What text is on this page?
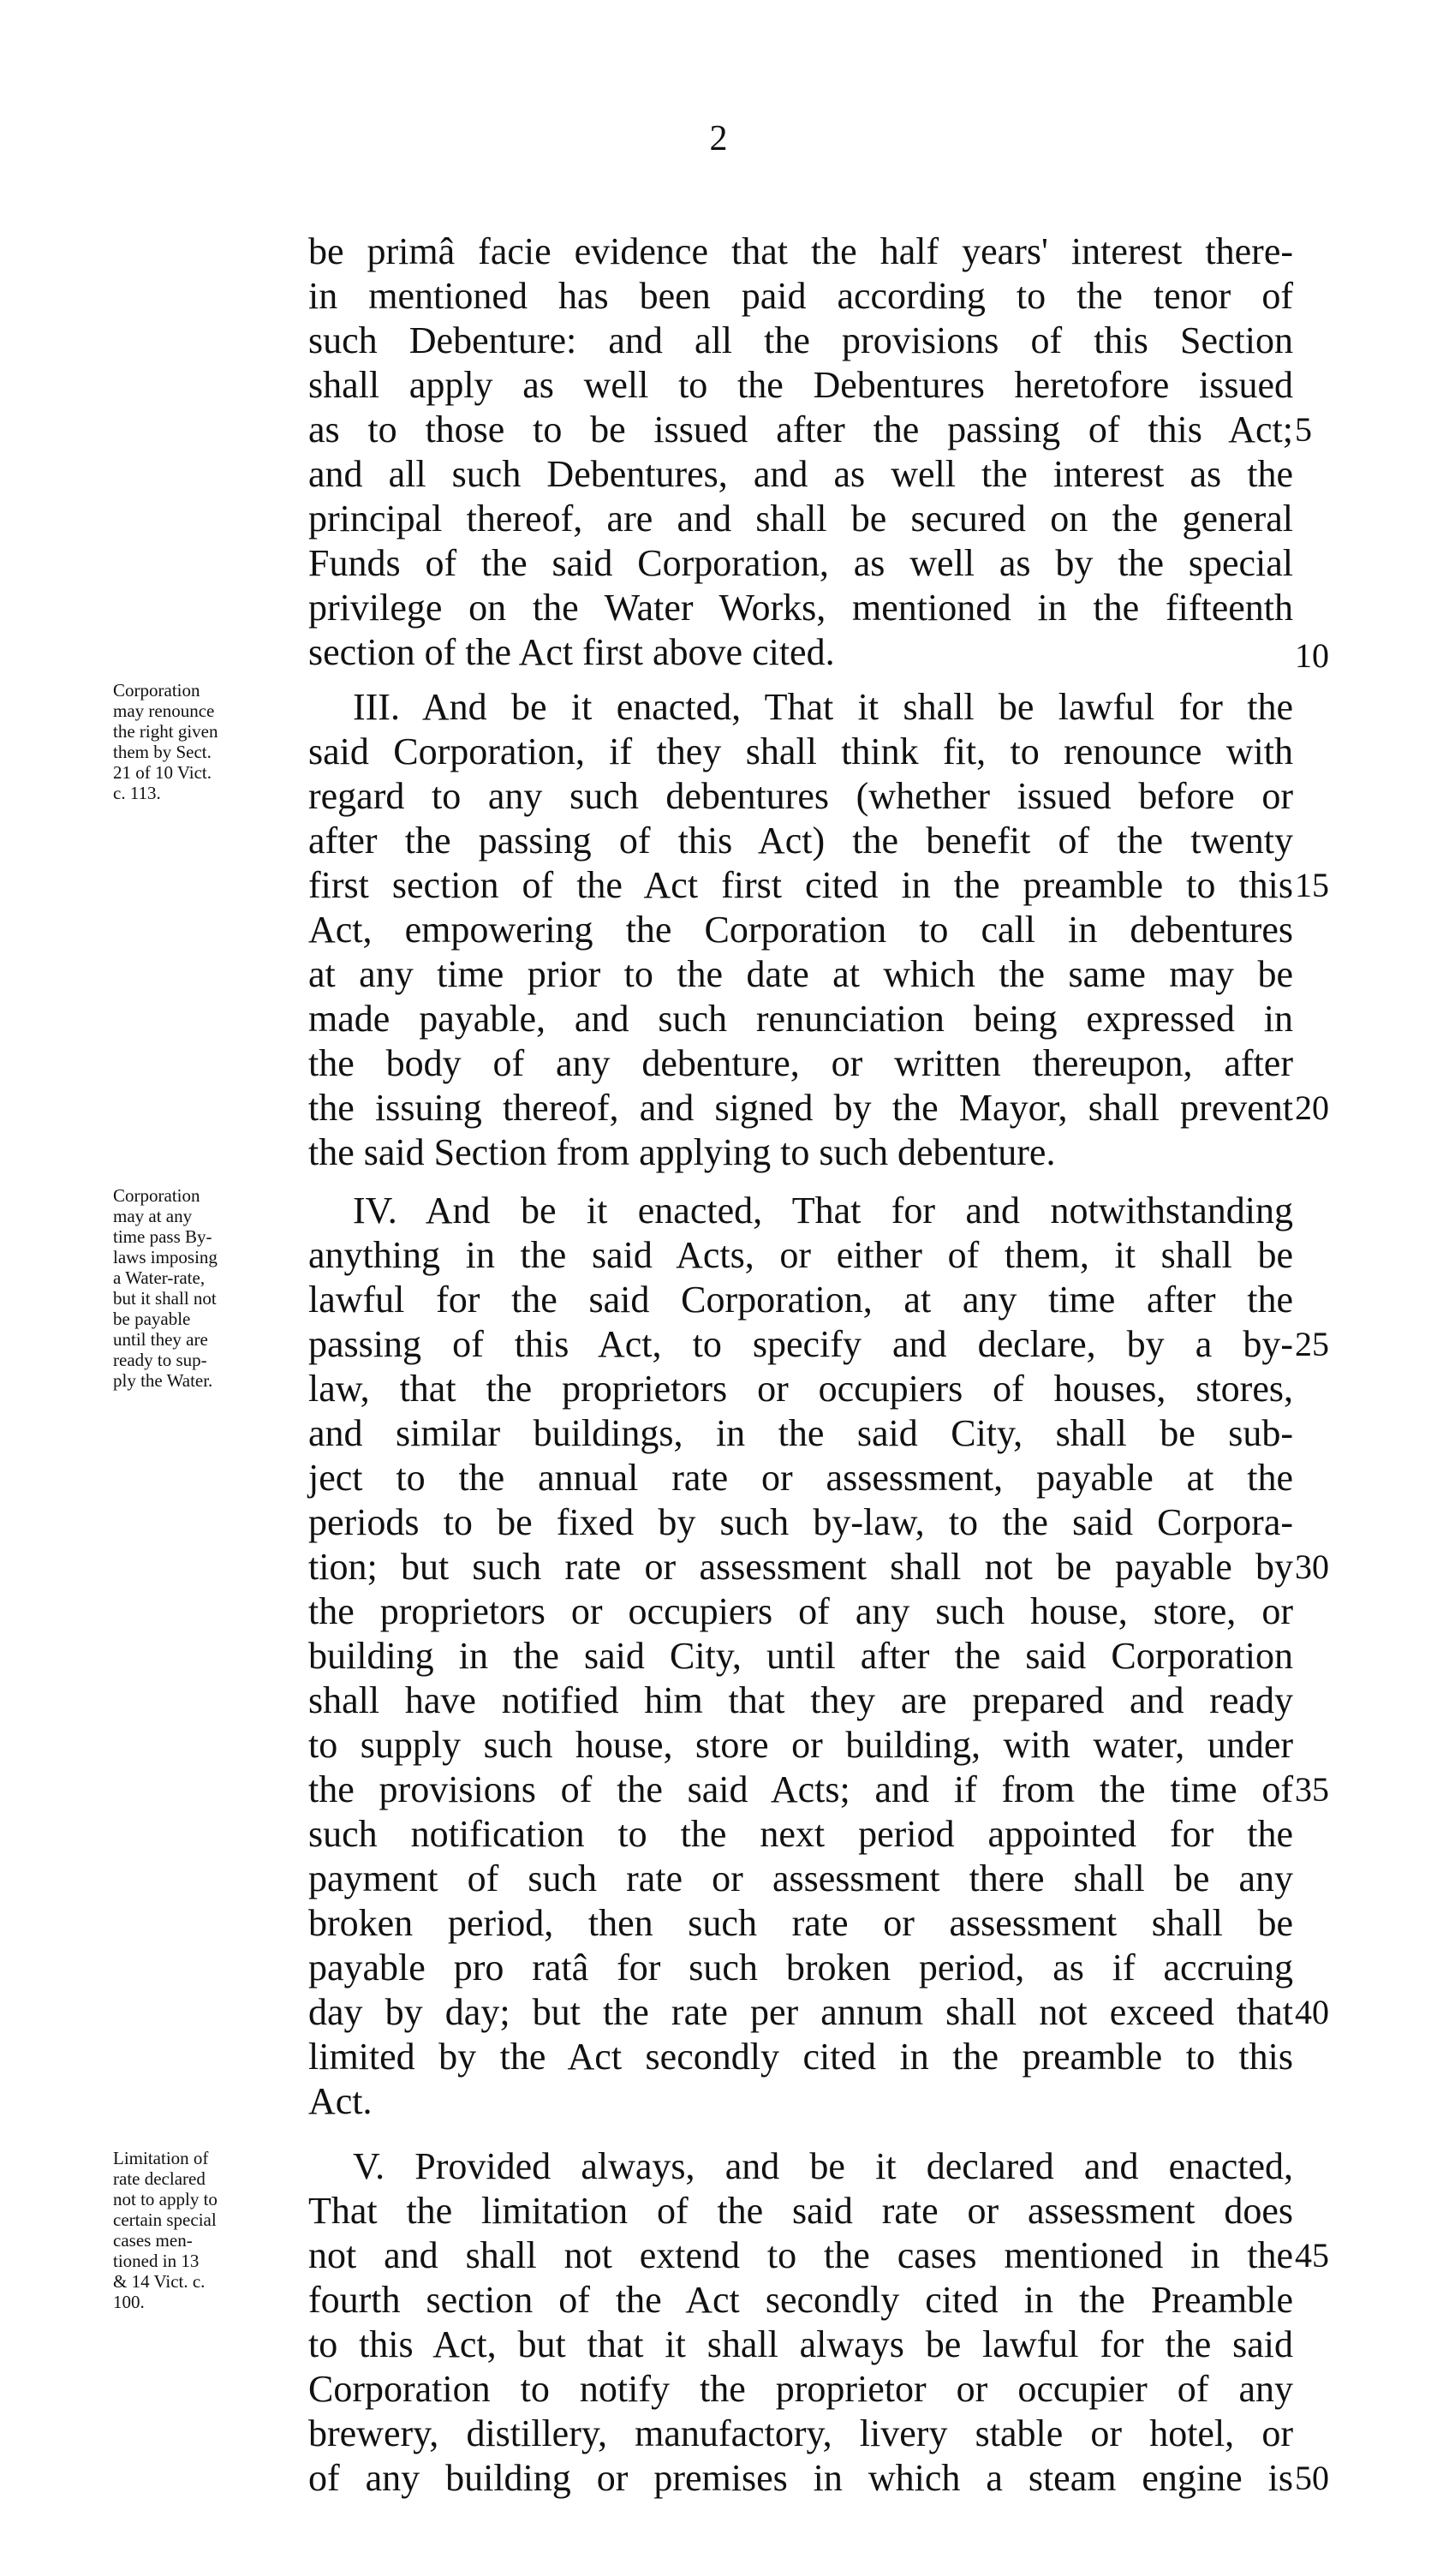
2
be primâ facie evidence that the half years' interest there-
in mentioned has been paid according to the tenor of
such Debenture: and all the provisions of this Section
shall apply as well to the Debentures heretofore issued
as to those to be issued after the passing of this Act; 5
and all such Debentures, and as well the interest as the
principal thereof, are and shall be secured on the general
Funds of the said Corporation, as well as by the special
privilege on the Water Works, mentioned in the fifteenth
section of the Act first above cited.	10
Corporation
may renounce
the right given
them by Sect.
21 of 10 Vict.
c. 113.
III. And be it enacted, That it shall be lawful for the
said Corporation, if they shall think fit, to renounce with
regard to any such debentures (whether issued before or
after the passing of this Act) the benefit of the twenty
first section of the Act first cited in the preamble to this 15
Act, empowering the Corporation to call in debentures
at any time prior to the date at which the same may be
made payable, and such renunciation being expressed in
the body of any debenture, or written thereupon, after
the issuing thereof, and signed by the Mayor, shall prevent 20
the said Section from applying to such debenture.
Corporation
may at any
time pass By-
laws imposing
a Water-rate,
but it shall not
be payable
until they are
ready to sup-
ply the Water.
IV. And be it enacted, That for and notwithstanding
anything in the said Acts, or either of them, it shall be
lawful for the said Corporation, at any time after the
passing of this Act, to specify and declare, by a by- 25
law, that the proprietors or occupiers of houses, stores,
and similar buildings, in the said City, shall be sub-
ject to the annual rate or assessment, payable at the
periods to be fixed by such by-law, to the said Corpora-
tion; but such rate or assessment shall not be payable by 30
the proprietors or occupiers of any such house, store, or
building in the said City, until after the said Corporation
shall have notified him that they are prepared and ready
to supply such house, store or building, with water, under
the provisions of the said Acts; and if from the time of 35
such notification to the next period appointed for the
payment of such rate or assessment there shall be any
broken period, then such rate or assessment shall be
payable pro ratâ for such broken period, as if accruing
day by day; but the rate per annum shall not exceed that 40
limited by the Act secondly cited in the preamble to this
Act.
Limitation of
rate declared
not to apply to
certain special
cases men-
tioned in 13
& 14 Vict. c.
100.
V. Provided always, and be it declared and enacted,
That the limitation of the said rate or assessment does
not and shall not extend to the cases mentioned in the 45
fourth section of the Act secondly cited in the Preamble
to this Act, but that it shall always be lawful for the said
Corporation to notify the proprietor or occupier of any
brewery, distillery, manufactory, livery stable or hotel, or
of any building or premises in which a steam engine is 50
